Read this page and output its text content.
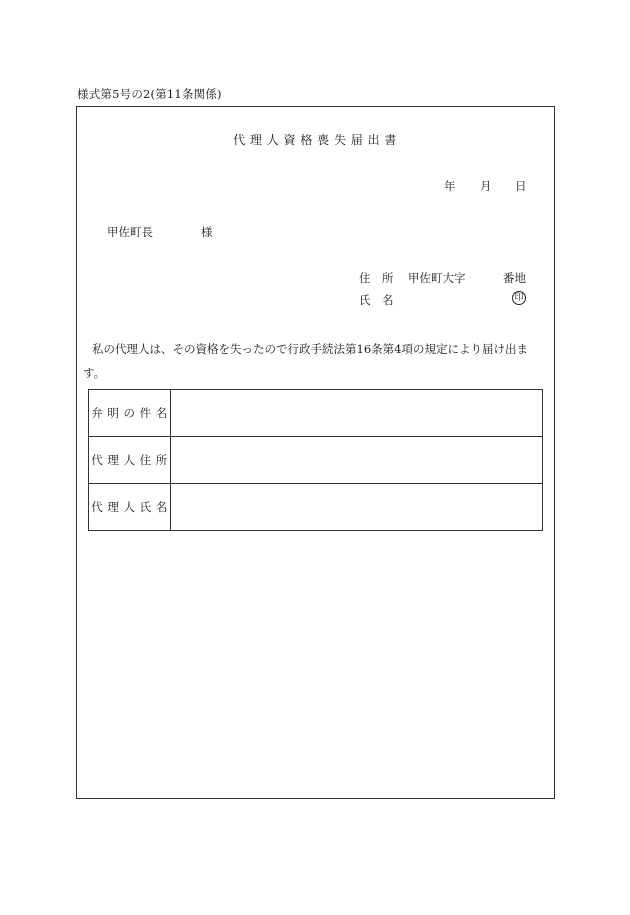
様式第5号の2(第11条関係)
代 理 人 資 格 喪 失 届 出 書
年 月 日
甲佐町長	様
住　所 甲佐町大字	番地
氏　名	印
私の代理人は、その資格を失ったので行政手続法第16条第4項の規定により届け出ま
す。
弁 明 の 件 名	
代 理 人 住 所	
代 理 人 氏 名	
